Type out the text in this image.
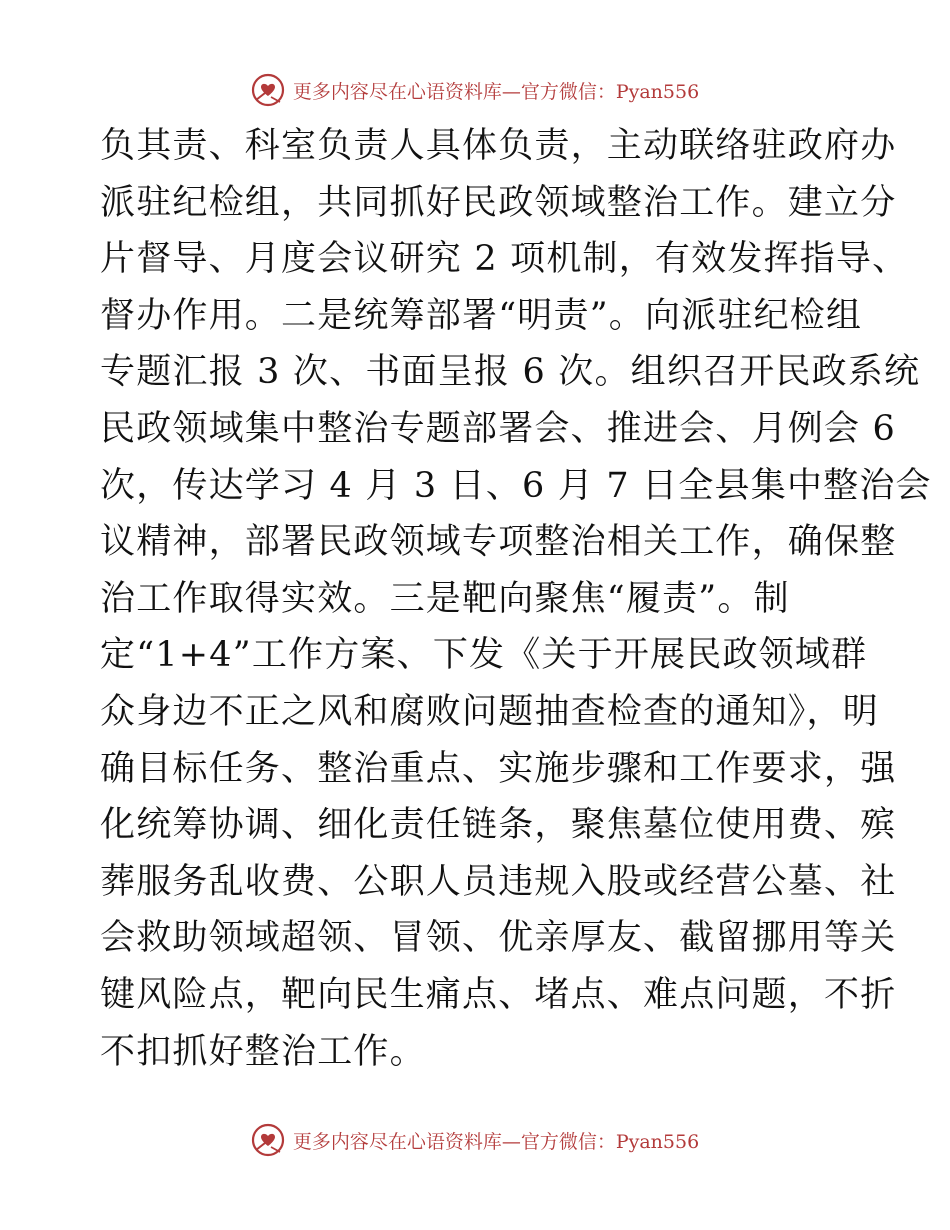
更多内容尽在心语资料库—官方微信：Pyan556
负其责、科室负责人具体负责，主动联络驻政府办
派驻纪检组，共同抓好民政领域整治工作。建立分
片督导、月度会议研究 2 项机制，有效发挥指导、
督办作用。二是统筹部署“明责”。向派驻纪检组
专题汇报 3 次、书面呈报 6 次。组织召开民政系统
民政领域集中整治专题部署会、推进会、月例会 6
次，传达学习 4 月 3 日、6 月 7 日全县集中整治会
议精神，部署民政领域专项整治相关工作，确保整
治工作取得实效。三是靶向聚焦“履责”。制
定“1+4”工作方案、下发《关于开展民政领域群
众身边不正之风和腐败问题抽查检查的通知》，明
确目标任务、整治重点、实施步骤和工作要求，强
化统筹协调、细化责任链条，聚焦墓位使用费、殡
葬服务乱收费、公职人员违规入股或经营公墓、社
会救助领域超领、冒领、优亲厚友、截留挪用等关
键风险点，靶向民生痛点、堵点、难点问题，不折
不扣抓好整治工作。
更多内容尽在心语资料库—官方微信：Pyan556
